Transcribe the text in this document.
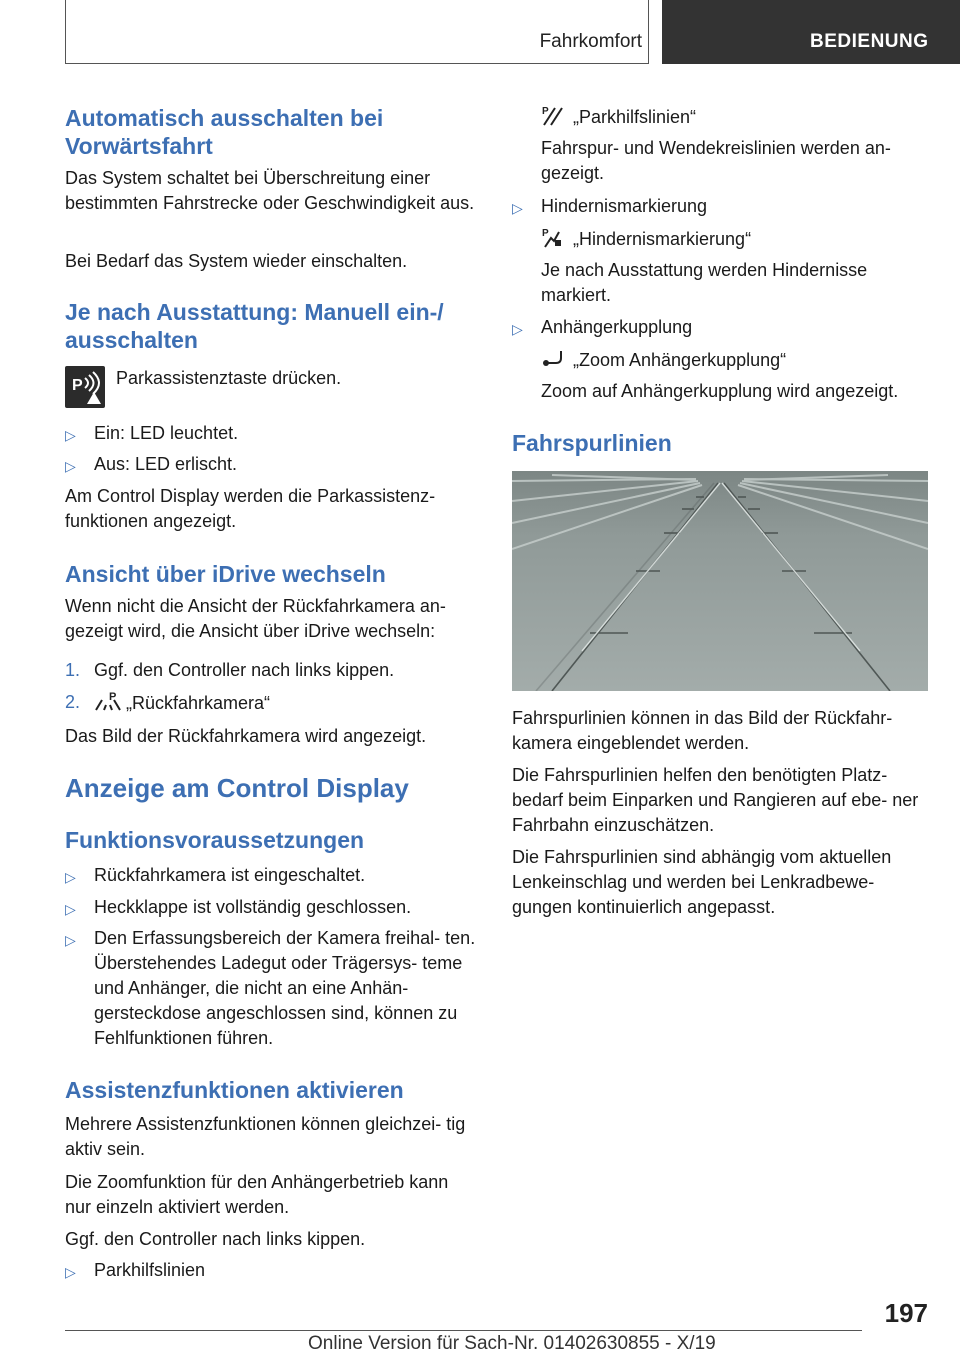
Fahrkomfort	BEDIENUNG
Automatisch ausschalten bei Vorwärtsfahrt
Das System schaltet bei Überschreitung einer bestimmten Fahrstrecke oder Geschwindigkeit aus.
Bei Bedarf das System wieder einschalten.
Je nach Ausstattung: Manuell ein-/ ausschalten
P Parkassistenztaste drücken.
▷ Ein: LED leuchtet.
▷ Aus: LED erlischt.
Am Control Display werden die Parkassistenz‐ funktionen angezeigt.
Ansicht über iDrive wechseln
Wenn nicht die Ansicht der Rückfahrkamera an‐ gezeigt wird, die Ansicht über iDrive wechseln:
1. Ggf. den Controller nach links kippen.
2.	P „Rückfahrkamera“
Das Bild der Rückfahrkamera wird angezeigt.
Anzeige am Control Display
Funktionsvoraussetzungen
▷ Rückfahrkamera ist eingeschaltet.
▷ Heckklappe ist vollständig geschlossen.
▷ Den Erfassungsbereich der Kamera freihal‐ ten. Überstehendes Ladegut oder Trägersys‐ teme und Anhänger, die nicht an eine Anhän‐ gersteckdose angeschlossen sind, können zu Fehlfunktionen führen.
Assistenzfunktionen aktivieren
Mehrere Assistenzfunktionen können gleichzei‐ tig aktiv sein.
Die Zoomfunktion für den Anhängerbetrieb kann nur einzeln aktiviert werden.
Ggf. den Controller nach links kippen.
▷ Parkhilfslinien
P „Parkhilfslinien“
Fahrspur- und Wendekreislinien werden an‐ gezeigt.
▷ Hindernismarkierung
P „Hindernismarkierung“
Je nach Ausstattung werden Hindernisse markiert.
▷ Anhängerkupplung
„Zoom Anhängerkupplung“
Zoom auf Anhängerkupplung wird angezeigt.
Fahrspurlinien
Fahrspurlinien können in das Bild der Rückfahr‐ kamera eingeblendet werden.
Die Fahrspurlinien helfen den benötigten Platz‐ bedarf beim Einparken und Rangieren auf ebe‐ ner Fahrbahn einzuschätzen.
Die Fahrspurlinien sind abhängig vom aktuellen Lenkeinschlag und werden bei Lenkradbewe‐ gungen kontinuierlich angepasst.
197
Online Version für Sach-Nr. 01402630855 - X/19
